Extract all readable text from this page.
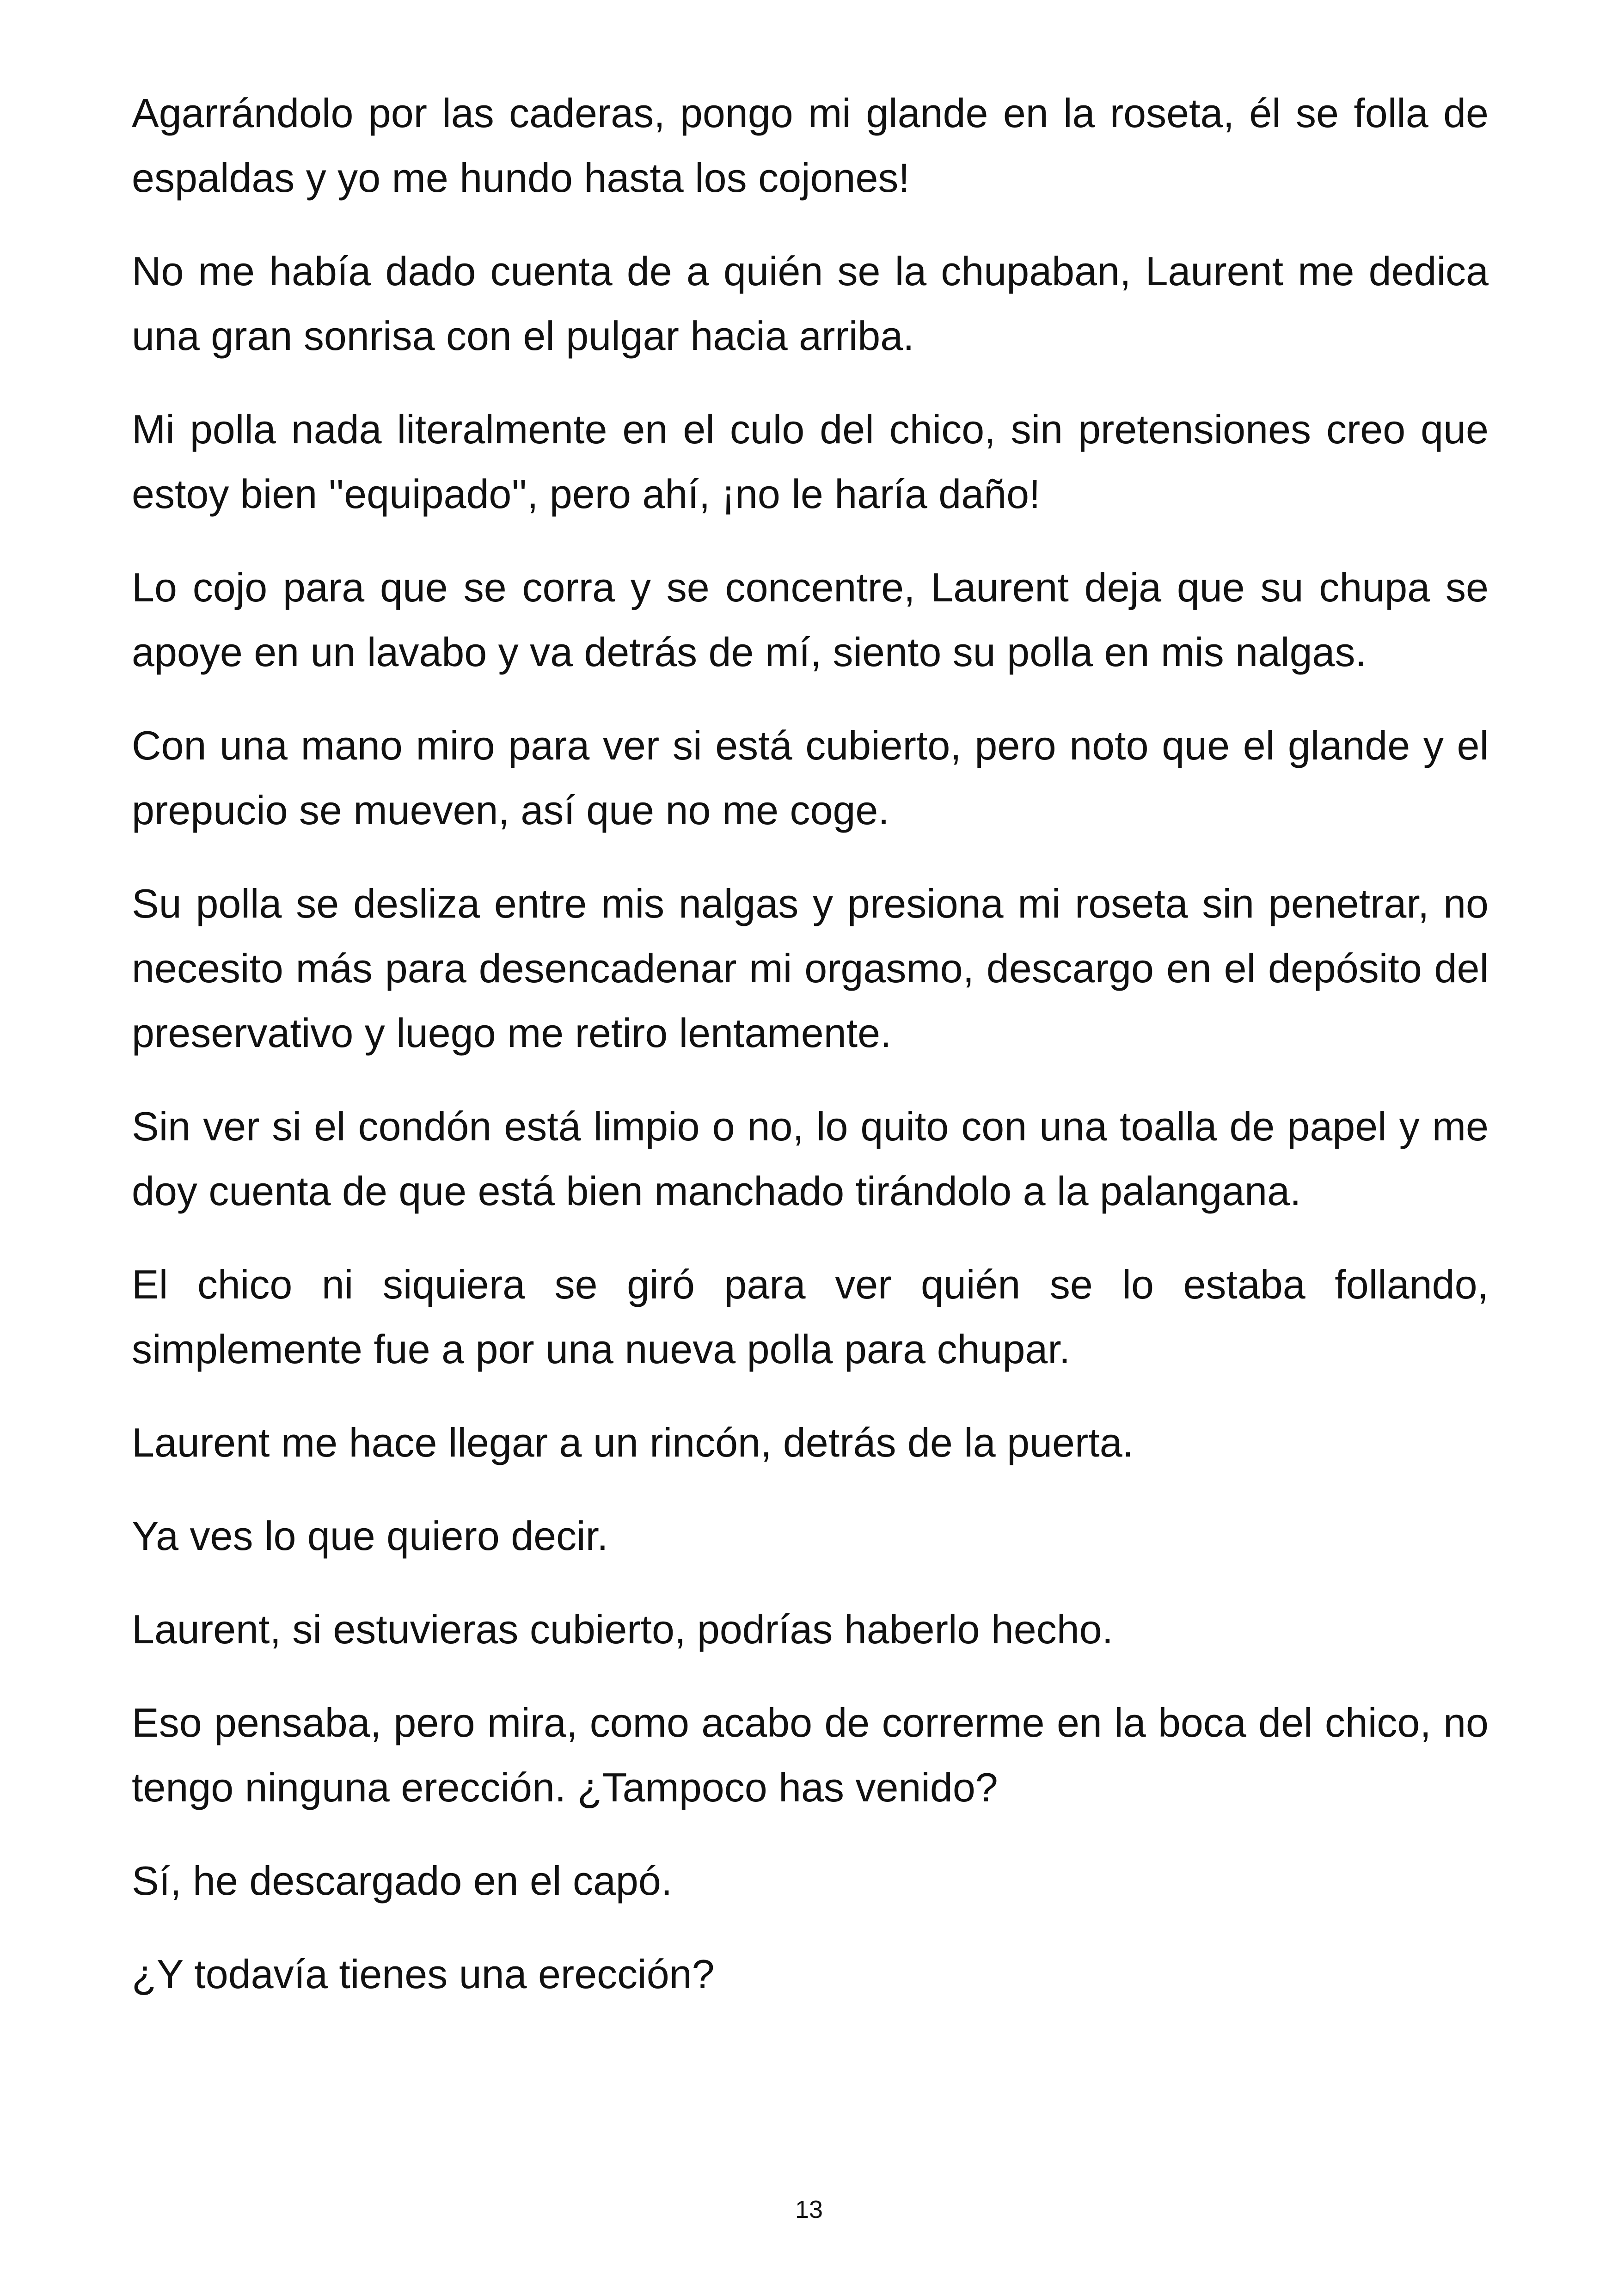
Agarrándolo por las caderas, pongo mi glande en la roseta, él se folla de espaldas y yo me hundo hasta los cojones!

No me había dado cuenta de a quién se la chupaban, Laurent me dedica una gran sonrisa con el pulgar hacia arriba.

Mi polla nada literalmente en el culo del chico, sin pretensiones creo que estoy bien ''equipado'', pero ahí, ¡no le haría daño!

Lo cojo para que se corra y se concentre, Laurent deja que su chupa se apoye en un lavabo y va detrás de mí, siento su polla en mis nalgas.

Con una mano miro para ver si está cubierto, pero noto que el glande y el prepucio se mueven, así que no me coge.

Su polla se desliza entre mis nalgas y presiona mi roseta sin penetrar, no necesito más para desencadenar mi orgasmo, descargo en el depósito del preservativo y luego me retiro lentamente.

Sin ver si el condón está limpio o no, lo quito con una toalla de papel y me doy cuenta de que está bien manchado tirándolo a la palangana.

El chico ni siquiera se giró para ver quién se lo estaba follando, simplemente fue a por una nueva polla para chupar.

Laurent me hace llegar a un rincón, detrás de la puerta.

Ya ves lo que quiero decir.

Laurent, si estuvieras cubierto, podrías haberlo hecho.

Eso pensaba, pero mira, como acabo de correrme en la boca del chico, no tengo ninguna erección. ¿Tampoco has venido?

Sí, he descargado en el capó.

¿Y todavía tienes una erección?

13
